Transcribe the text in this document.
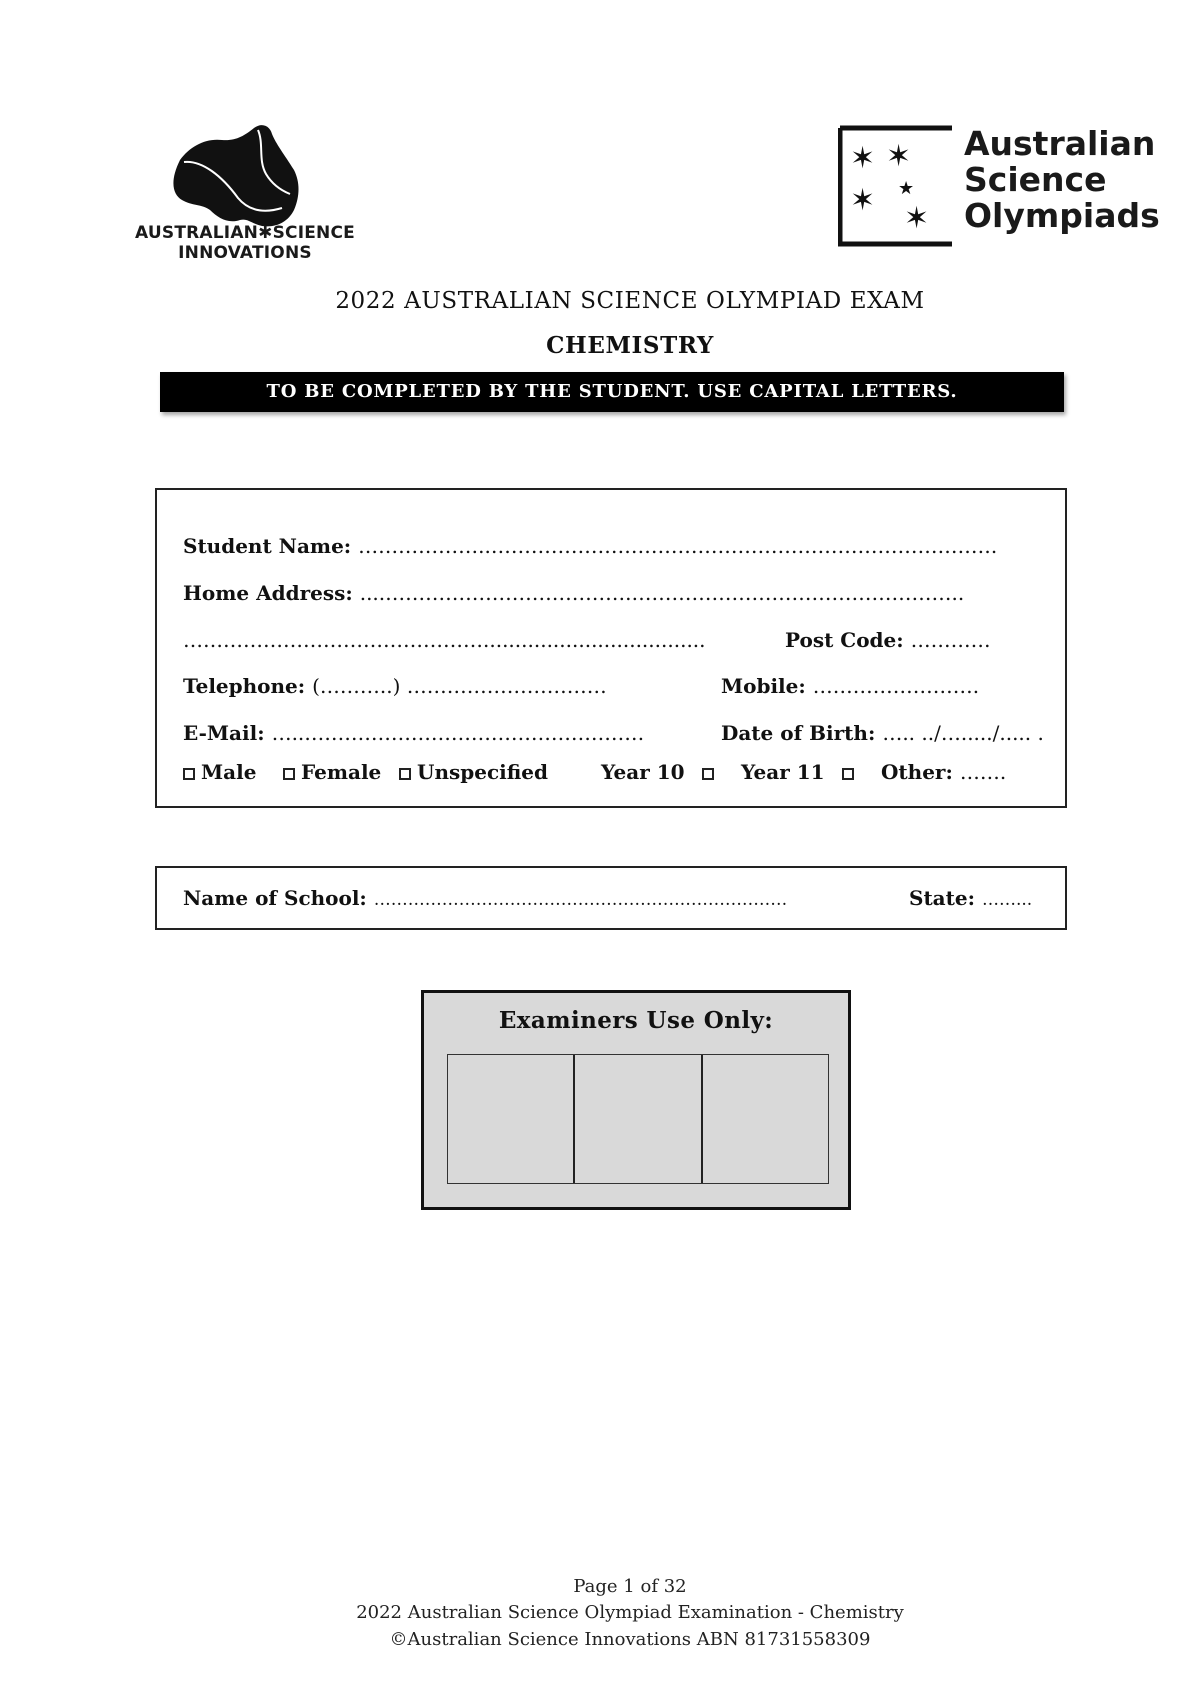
AUSTRALIAN✱SCIENCE
INNOVATIONS
✶ ✶
★
✶
✶
Australian
Science
Olympiads
2022 AUSTRALIAN SCIENCE OLYMPIAD EXAM
CHEMISTRY
TO BE COMPLETED BY THE STUDENT. USE CAPITAL LETTERS.
Student Name: ………………..………………………………………………………………….
Home Address: ....……………………………….…………………………………………..
………………………………………...................................	Post Code: …………
Telephone: (………..) …………………………	Mobile: …………………….
E-Mail: …..……………………………………………	Date of Birth: ….. ../…...../..... .
Male	Female	Unspecified	Year 10	Year 11	Other: …….
Name of School: ……………………………………………….………………	State: ……...
Examiners Use Only:
Page 1 of 32
2022 Australian Science Olympiad Examination - Chemistry
©Australian Science Innovations ABN 81731558309
